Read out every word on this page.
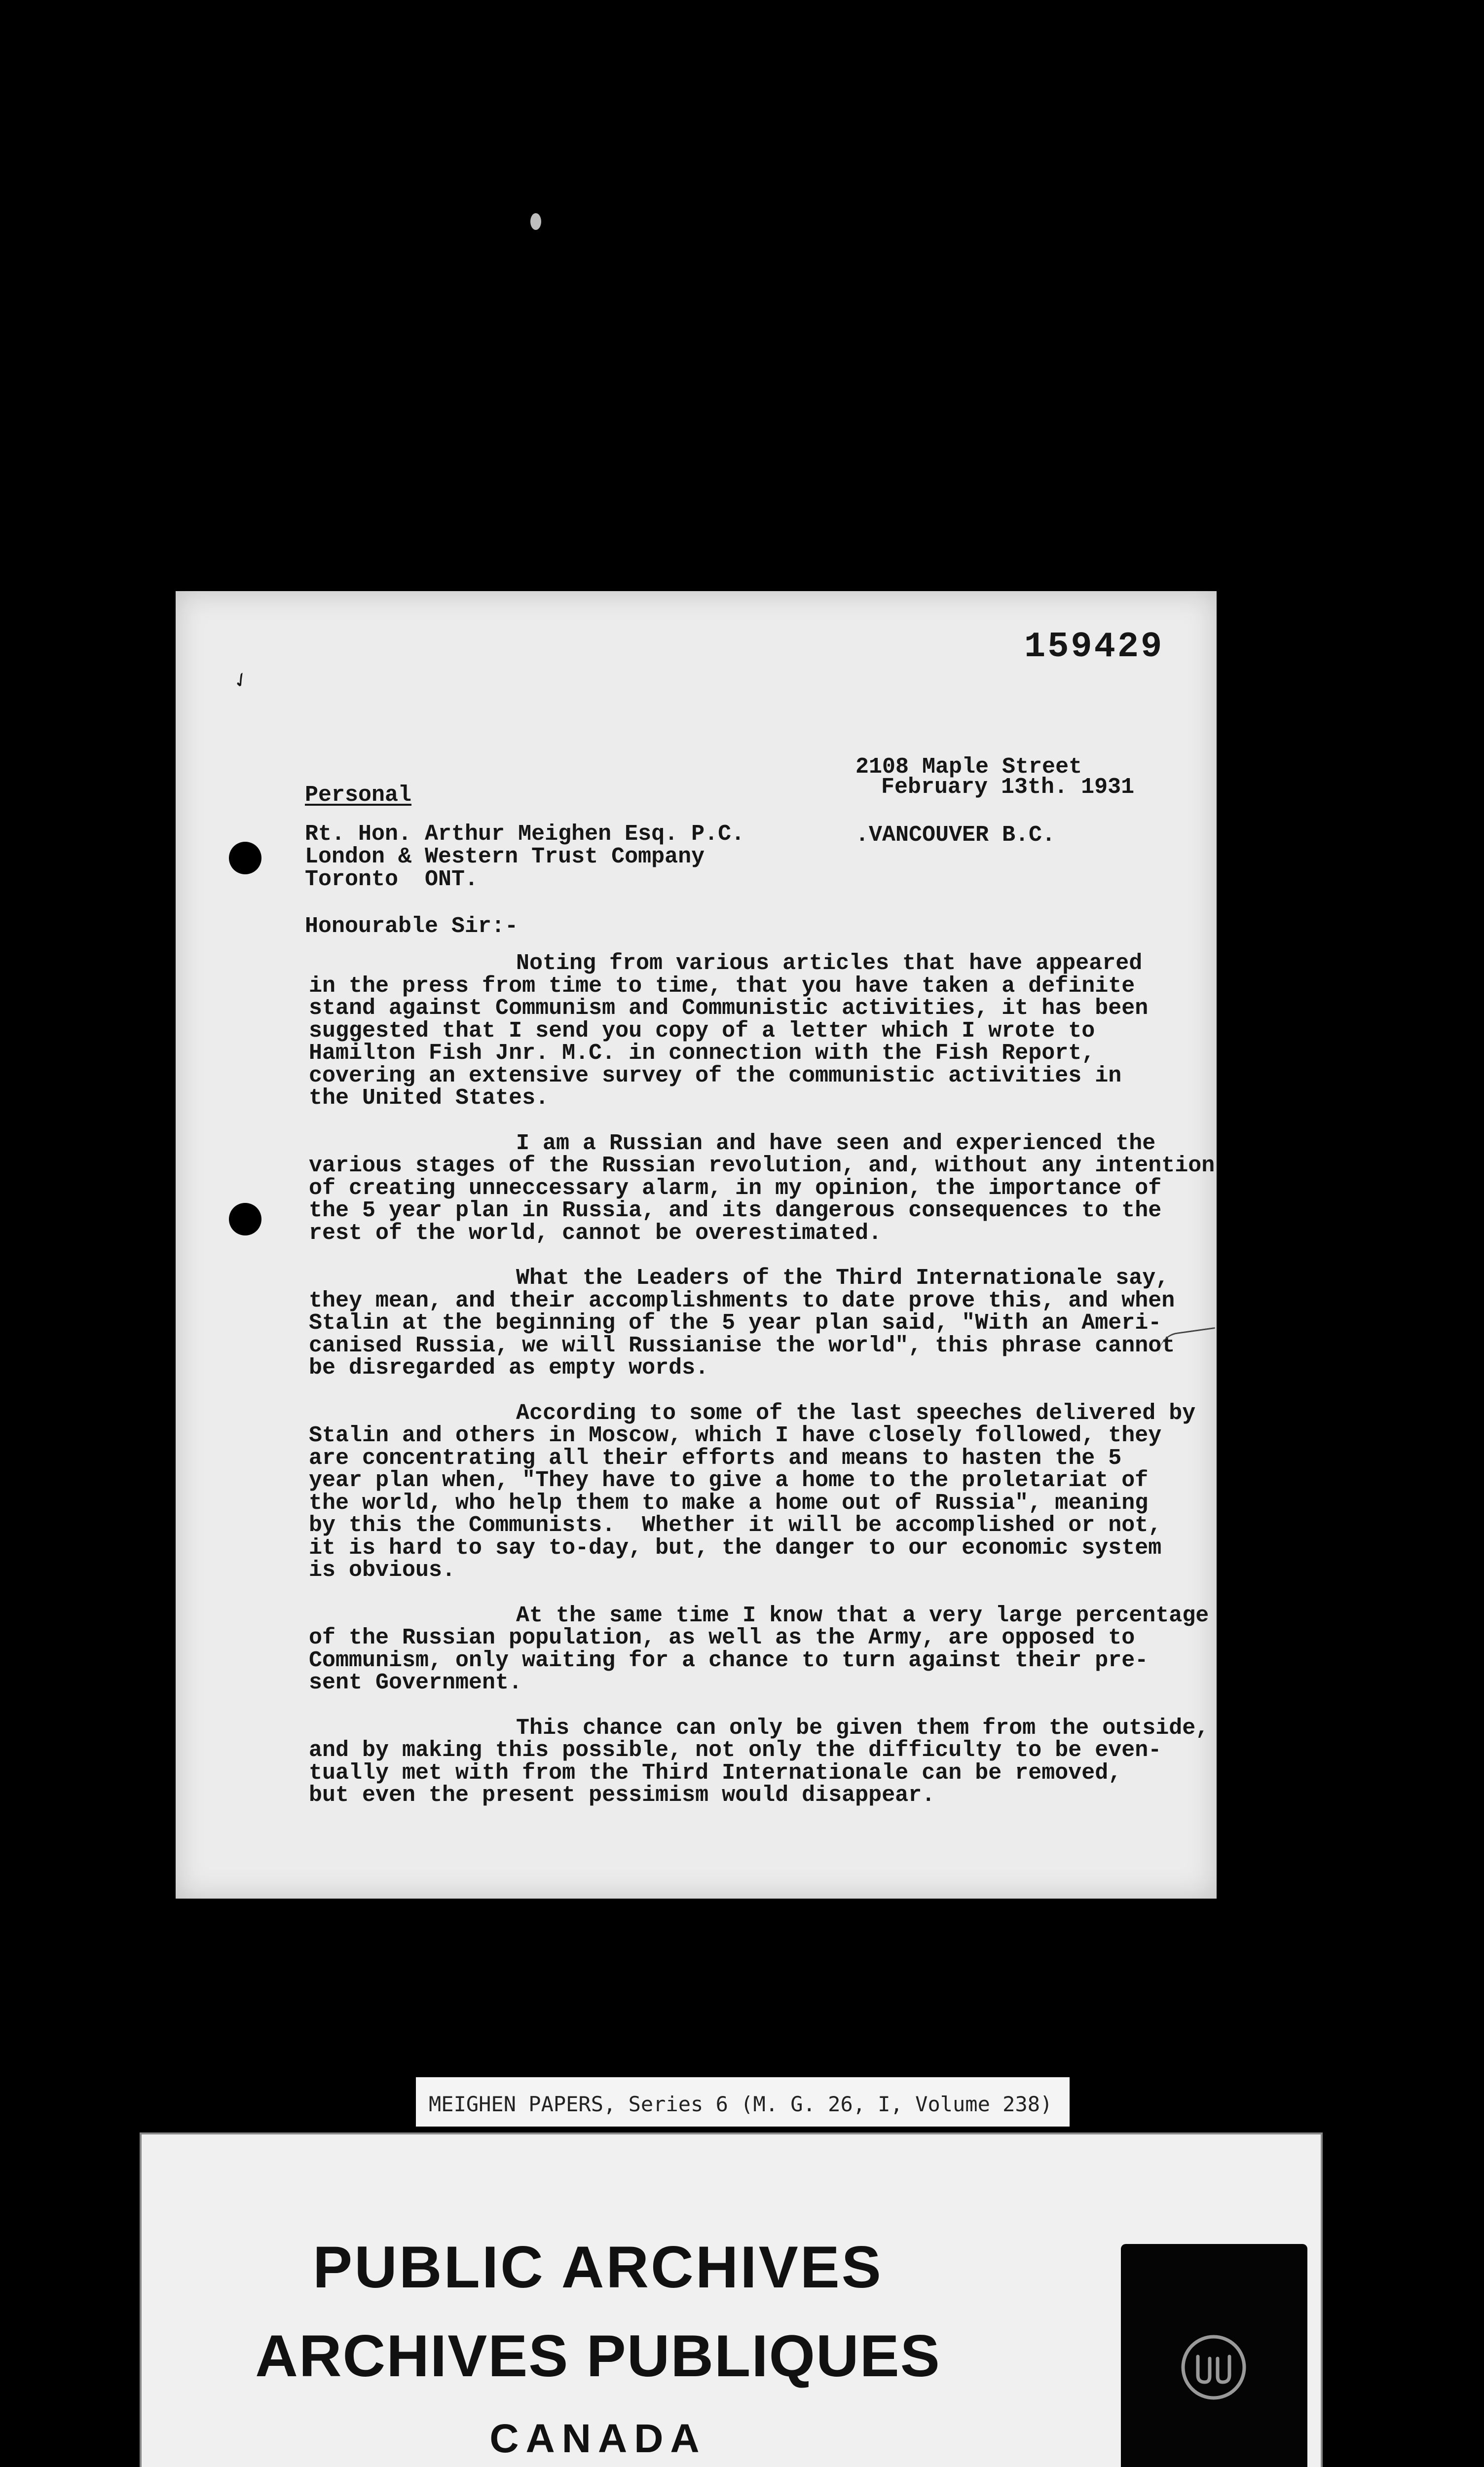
✓
159429

2108 Maple Street

.VANCOUVER B.C.

Personal	February 13th. 1931
Rt. Hon. Arthur Meighen Esq. P.C.
London & Western Trust Company
Toronto  ONT.
Honourable Sir:-
Noting from various articles that have appeared
in the press from time to time, that you have taken a definite
stand against Communism and Communistic activities, it has been
suggested that I send you copy of a letter which I wrote to
Hamilton Fish Jnr. M.C. in connection with the Fish Report,
covering an extensive survey of the communistic activities in
the United States.
I am a Russian and have seen and experienced the
various stages of the Russian revolution, and, without any intention
of creating unneccessary alarm, in my opinion, the importance of
the 5 year plan in Russia, and its dangerous consequences to the
rest of the world, cannot be overestimated.
What the Leaders of the Third Internationale say,
they mean, and their accomplishments to date prove this, and when
Stalin at the beginning of the 5 year plan said, "With an Ameri-
canised Russia, we will Russianise the world", this phrase cannot
be disregarded as empty words.
According to some of the last speeches delivered by
Stalin and others in Moscow, which I have closely followed, they
are concentrating all their efforts and means to hasten the 5
year plan when, "They have to give a home to the proletariat of
the world, who help them to make a home out of Russia", meaning
by this the Communists.  Whether it will be accomplished or not,
it is hard to say to-day, but, the danger to our economic system
is obvious.
At the same time I know that a very large percentage
of the Russian population, as well as the Army, are opposed to
Communism, only waiting for a chance to turn against their pre-
sent Government.
This chance can only be given them from the outside,
and by making this possible, not only the difficulty to be even-
tually met with from the Third Internationale can be removed,
but even the present pessimism would disappear.
MEIGHEN PAPERS, Series 6 (M. G. 26, I, Volume 238)
PUBLIC ARCHIVES
ARCHIVES PUBLIQUES
CANADA
